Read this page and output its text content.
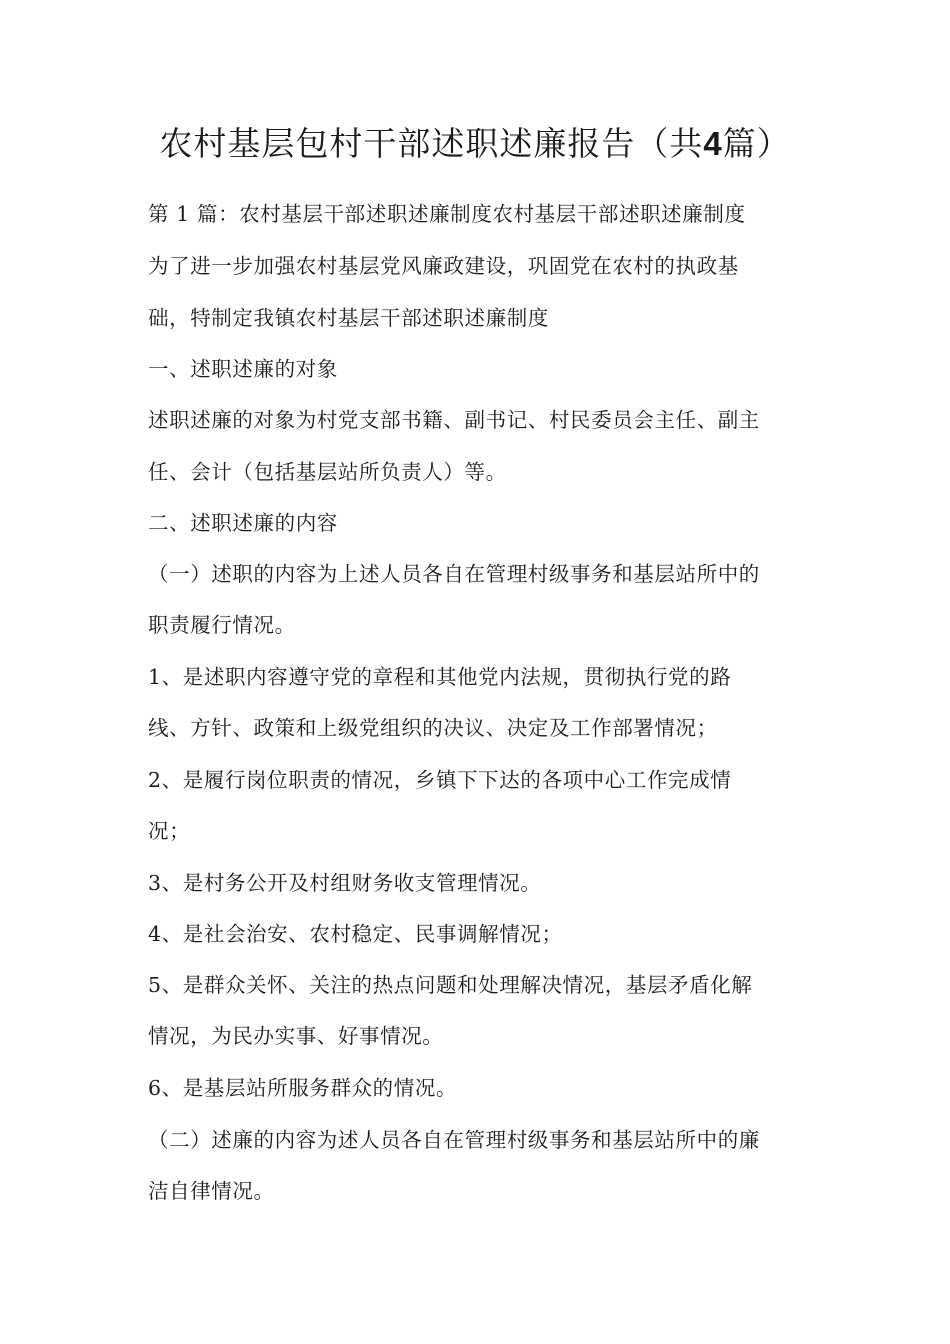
农村基层包村干部述职述廉报告（共4篇）
第 1 篇：农村基层干部述职述廉制度农村基层干部述职述廉制度
为了进一步加强农村基层党风廉政建设，巩固党在农村的执政基
础，特制定我镇农村基层干部述职述廉制度
一、述职述廉的对象
述职述廉的对象为村党支部书籍、副书记、村民委员会主任、副主
任、会计（包括基层站所负责人）等。
二、述职述廉的内容
（一）述职的内容为上述人员各自在管理村级事务和基层站所中的
职责履行情况。
1、是述职内容遵守党的章程和其他党内法规，贯彻执行党的路
线、方针、政策和上级党组织的决议、决定及工作部署情况；
2、是履行岗位职责的情况，乡镇下下达的各项中心工作完成情
况；
3、是村务公开及村组财务收支管理情况。
4、是社会治安、农村稳定、民事调解情况；
5、是群众关怀、关注的热点问题和处理解决情况，基层矛盾化解
情况，为民办实事、好事情况。
6、是基层站所服务群众的情况。
（二）述廉的内容为述人员各自在管理村级事务和基层站所中的廉
洁自律情况。
